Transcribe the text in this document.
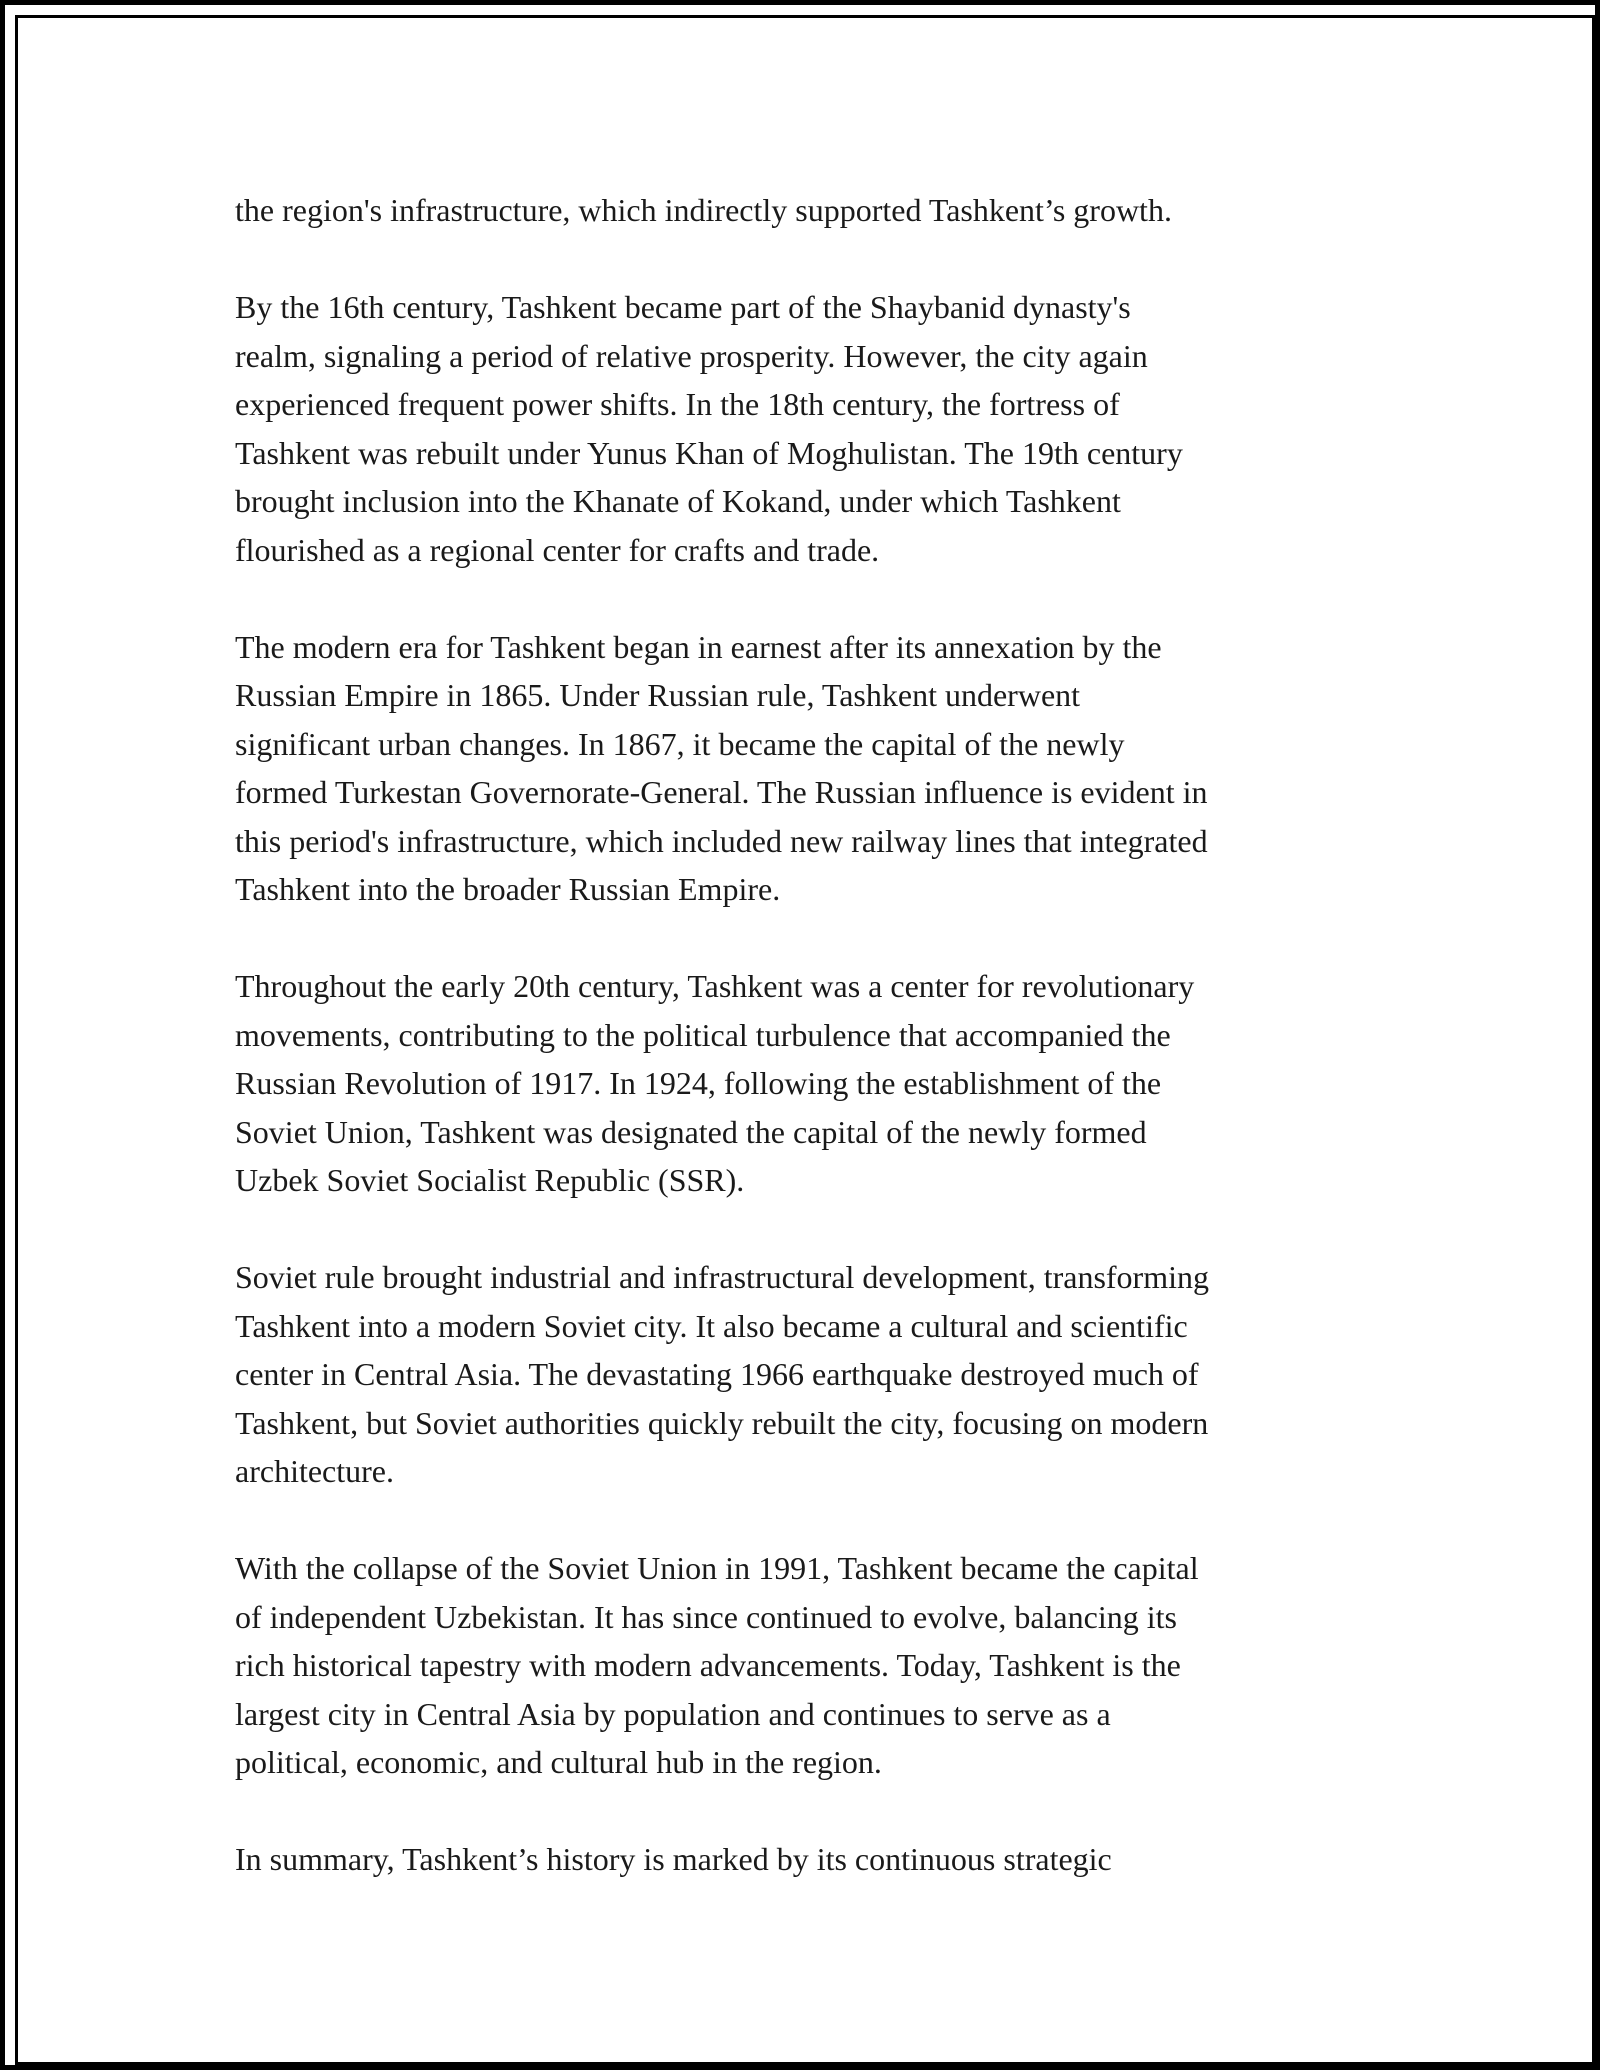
the region's infrastructure, which indirectly supported Tashkent’s growth.

By the 16th century, Tashkent became part of the Shaybanid dynasty's
realm, signaling a period of relative prosperity. However, the city again
experienced frequent power shifts. In the 18th century, the fortress of
Tashkent was rebuilt under Yunus Khan of Moghulistan. The 19th century
brought inclusion into the Khanate of Kokand, under which Tashkent
flourished as a regional center for crafts and trade.

The modern era for Tashkent began in earnest after its annexation by the
Russian Empire in 1865. Under Russian rule, Tashkent underwent
significant urban changes. In 1867, it became the capital of the newly
formed Turkestan Governorate-General. The Russian influence is evident in
this period's infrastructure, which included new railway lines that integrated
Tashkent into the broader Russian Empire.

Throughout the early 20th century, Tashkent was a center for revolutionary
movements, contributing to the political turbulence that accompanied the
Russian Revolution of 1917. In 1924, following the establishment of the
Soviet Union, Tashkent was designated the capital of the newly formed
Uzbek Soviet Socialist Republic (SSR).

Soviet rule brought industrial and infrastructural development, transforming
Tashkent into a modern Soviet city. It also became a cultural and scientific
center in Central Asia. The devastating 1966 earthquake destroyed much of
Tashkent, but Soviet authorities quickly rebuilt the city, focusing on modern
architecture.

With the collapse of the Soviet Union in 1991, Tashkent became the capital
of independent Uzbekistan. It has since continued to evolve, balancing its
rich historical tapestry with modern advancements. Today, Tashkent is the
largest city in Central Asia by population and continues to serve as a
political, economic, and cultural hub in the region.

In summary, Tashkent’s history is marked by its continuous strategic
